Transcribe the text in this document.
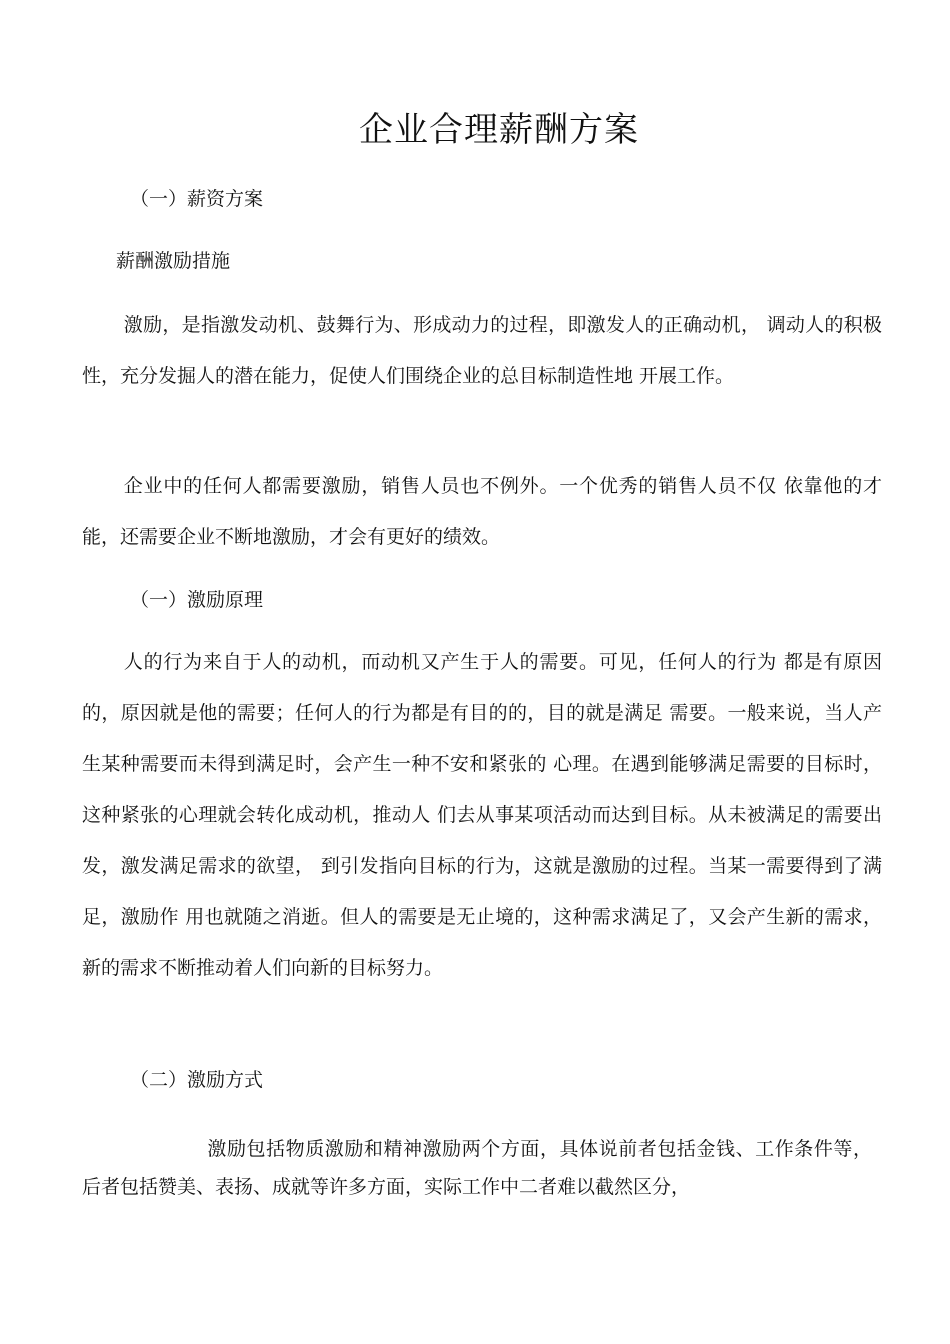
企业合理薪酬方案
（一）薪资方案
薪酬激励措施
激励，是指激发动机、鼓舞行为、形成动力的过程，即激发人的正确动机， 调动人的积极性，充分发掘人的潜在能力，促使人们围绕企业的总目标制造性地 开展工作。
企业中的任何人都需要激励，销售人员也不例外。一个优秀的销售人员不仅 依靠他的才能，还需要企业不断地激励，才会有更好的绩效。
（一）激励原理
人的行为来自于人的动机，而动机又产生于人的需要。可见，任何人的行为 都是有原因的，原因就是他的需要；任何人的行为都是有目的的，目的就是满足 需要。一般来说，当人产生某种需要而未得到满足时，会产生一种不安和紧张的 心理。在遇到能够满足需要的目标时，这种紧张的心理就会转化成动机，推动人 们去从事某项活动而达到目标。从未被满足的需要出发，激发满足需求的欲望， 到引发指向目标的行为，这就是激励的过程。当某一需要得到了满足，激励作 用也就随之消逝。但人的需要是无止境的，这种需求满足了，又会产生新的需求， 新的需求不断推动着人们向新的目标努力。
（二）激励方式
激励包括物质激励和精神激励两个方面，具体说前者包括金钱、工作条件等，后者包括赞美、表扬、成就等许多方面，实际工作中二者难以截然区分，
